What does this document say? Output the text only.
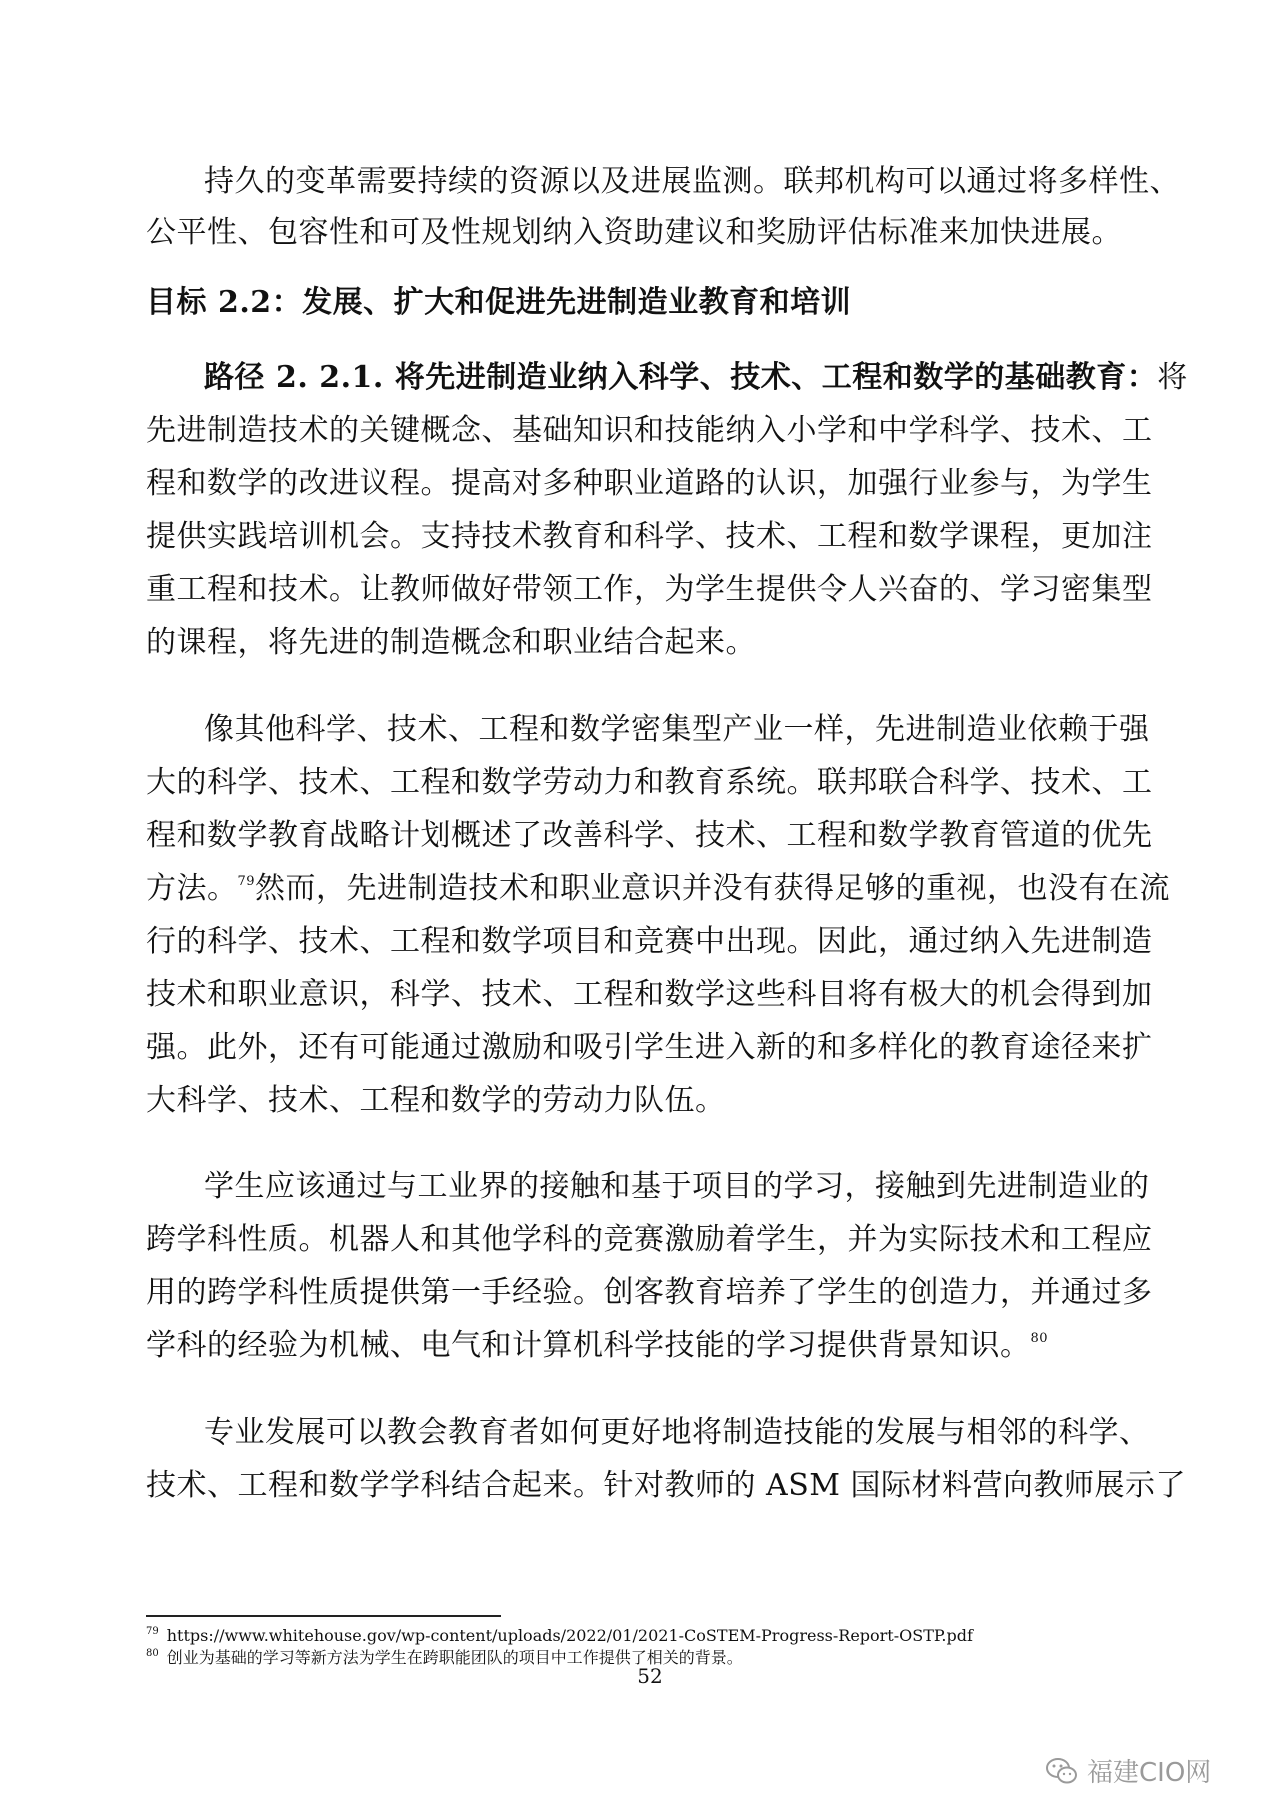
持久的变革需要持续的资源以及进展监测。联邦机构可以通过将多样性、

公平性、包容性和可及性规划纳入资助建议和奖励评估标准来加快进展。

目标 2.2：发展、扩大和促进先进制造业教育和培训

路径 2. 2.1. 将先进制造业纳入科学、技术、工程和数学的基础教育：将

先进制造技术的关键概念、基础知识和技能纳入小学和中学科学、技术、工

程和数学的改进议程。提高对多种职业道路的认识，加强行业参与，为学生

提供实践培训机会。支持技术教育和科学、技术、工程和数学课程，更加注

重工程和技术。让教师做好带领工作，为学生提供令人兴奋的、学习密集型

的课程，将先进的制造概念和职业结合起来。

像其他科学、技术、工程和数学密集型产业一样，先进制造业依赖于强

大的科学、技术、工程和数学劳动力和教育系统。联邦联合科学、技术、工

程和数学教育战略计划概述了改善科学、技术、工程和数学教育管道的优先

方法。$^{79}$然而，先进制造技术和职业意识并没有获得足够的重视，也没有在流

行的科学、技术、工程和数学项目和竞赛中出现。因此，通过纳入先进制造

技术和职业意识，科学、技术、工程和数学这些科目将有极大的机会得到加

强。此外，还有可能通过激励和吸引学生进入新的和多样化的教育途径来扩

大科学、技术、工程和数学的劳动力队伍。

学生应该通过与工业界的接触和基于项目的学习，接触到先进制造业的

跨学科性质。机器人和其他学科的竞赛激励着学生，并为实际技术和工程应

用的跨学科性质提供第一手经验。创客教育培养了学生的创造力，并通过多

学科的经验为机械、电气和计算机科学技能的学习提供背景知识。$^{80}$

专业发展可以教会教育者如何更好地将制造技能的发展与相邻的科学、

技术、工程和数学学科结合起来。针对教师的 ASM 国际材料营向教师展示了

$^{79}$ https://www.whitehouse.gov/wp-content/uploads/2022/01/2021-CoSTEM-Progress-Report-OSTP.pdf

$^{80}$ 创业为基础的学习等新方法为学生在跨职能团队的项目中工作提供了相关的背景。

52
福建CIO网
